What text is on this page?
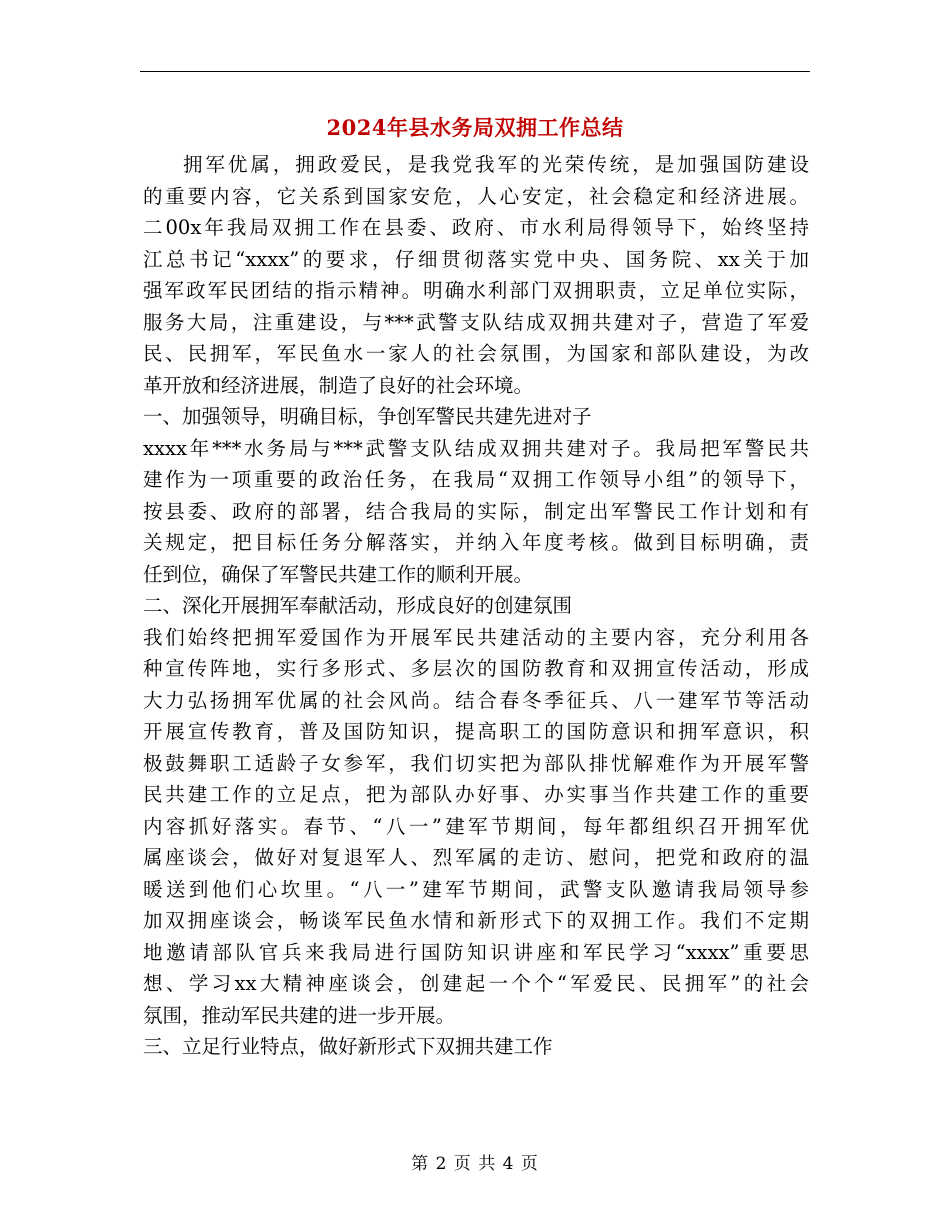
2024年县水务局双拥工作总结
拥军优属，拥政爱民，是我党我军的光荣传统，是加强国防建设
的重要内容，它关系到国家安危，人心安定，社会稳定和经济进展。
二00x年我局双拥工作在县委、政府、市水利局得领导下，始终坚持
江总书记“xxxx”的要求，仔细贯彻落实党中央、国务院、xx关于加
强军政军民团结的指示精神。明确水利部门双拥职责，立足单位实际，
服务大局，注重建设，与***武警支队结成双拥共建对子，营造了军爱
民、民拥军，军民鱼水一家人的社会氛围，为国家和部队建设，为改
革开放和经济进展，制造了良好的社会环境。
一、加强领导，明确目标，争创军警民共建先进对子
xxxx年***水务局与***武警支队结成双拥共建对子。我局把军警民共
建作为一项重要的政治任务，在我局“双拥工作领导小组”的领导下，
按县委、政府的部署，结合我局的实际，制定出军警民工作计划和有
关规定，把目标任务分解落实，并纳入年度考核。做到目标明确，责
任到位，确保了军警民共建工作的顺利开展。
二、深化开展拥军奉献活动，形成良好的创建氛围
我们始终把拥军爱国作为开展军民共建活动的主要内容，充分利用各
种宣传阵地，实行多形式、多层次的国防教育和双拥宣传活动，形成
大力弘扬拥军优属的社会风尚。结合春冬季征兵、八一建军节等活动
开展宣传教育，普及国防知识，提高职工的国防意识和拥军意识，积
极鼓舞职工适龄子女参军，我们切实把为部队排忧解难作为开展军警
民共建工作的立足点，把为部队办好事、办实事当作共建工作的重要
内容抓好落实。春节、“八一”建军节期间，每年都组织召开拥军优
属座谈会，做好对复退军人、烈军属的走访、慰问，把党和政府的温
暖送到他们心坎里。“八一”建军节期间，武警支队邀请我局领导参
加双拥座谈会，畅谈军民鱼水情和新形式下的双拥工作。我们不定期
地邀请部队官兵来我局进行国防知识讲座和军民学习“xxxx”重要思
想、学习xx大精神座谈会，创建起一个个“军爱民、民拥军”的社会
氛围，推动军民共建的进一步开展。
三、立足行业特点，做好新形式下双拥共建工作
第 2 页 共 4 页
